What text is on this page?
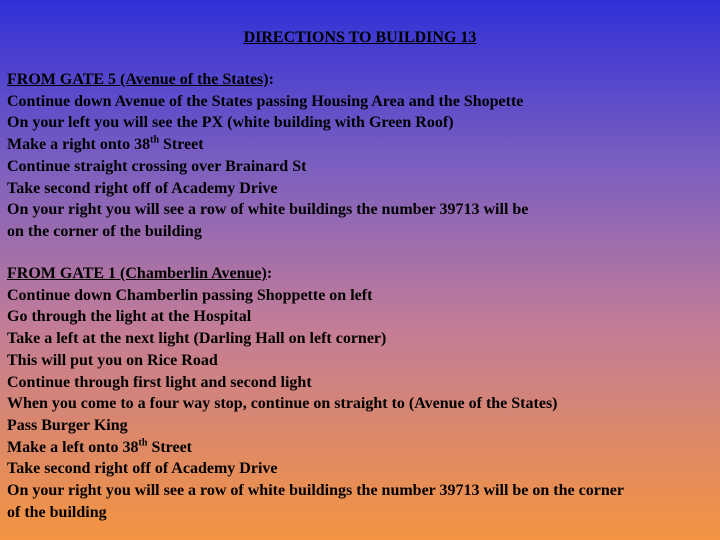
DIRECTIONS TO BUILDING 13
FROM GATE 5 (Avenue of the States):
Continue down Avenue of the States passing Housing Area and the Shopette
On your left you will see the PX (white building with Green Roof)
Make a right onto 38th Street
Continue straight crossing over Brainard St
Take second right off of Academy Drive
On your right you will see a row of white buildings the number 39713 will be
on the corner of the building
FROM GATE 1 (Chamberlin Avenue):
Continue down Chamberlin passing Shoppette on left
Go through the light at the Hospital
Take a left at the next light (Darling Hall on left corner)
This will put you on Rice Road
Continue through first light and second light
When you come to a four way stop, continue on straight to (Avenue of the States)
Pass Burger King
Make a left onto 38th Street
Take second right off of Academy Drive
On your right you will see a row of white buildings the number 39713 will be on the corner
of the building
